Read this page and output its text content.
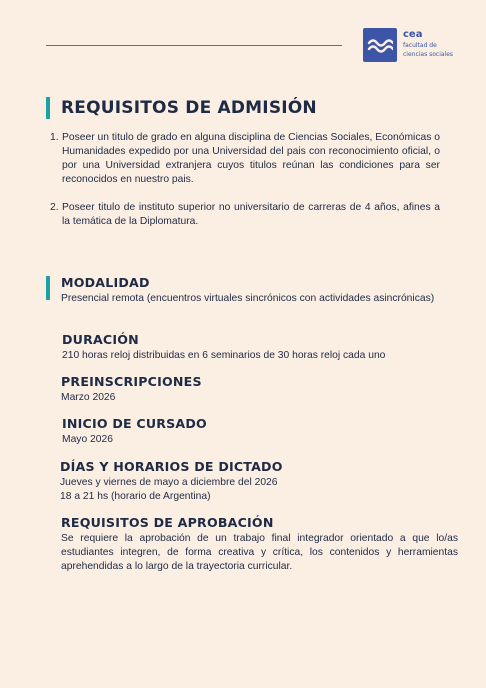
cea
facultad de
ciencias sociales
REQUISITOS DE ADMISIÓN
1. Poseer un titulo de grado en alguna disciplina de Ciencias Sociales, Económicas o Humanidades expedido por una Universidad del pais con reconocimiento oficial, o por una Universidad extranjera cuyos titulos reúnan las condiciones para ser reconocidos en nuestro pais.
2. Poseer titulo de instituto superior no universitario de carreras de 4 años, afines a la temática de la Diplomatura.
MODALIDAD
Presencial remota (encuentros virtuales sincrónicos con actividades asincrónicas)
DURACIÓN
210 horas reloj distribuidas en 6 seminarios de 30 horas reloj cada uno
PREINSCRIPCIONES
Marzo 2026
INICIO DE CURSADO
Mayo 2026
DÍAS Y HORARIOS DE DICTADO
Jueves y viernes de mayo a diciembre del 2026
18 a 21 hs (horario de Argentina)
REQUISITOS DE APROBACIÓN
Se requiere la aprobación de un trabajo final integrador orientado a que lo/as estudiantes integren, de forma creativa y crítica, los contenidos y herramientas aprehendidas a lo largo de la trayectoria curricular.
